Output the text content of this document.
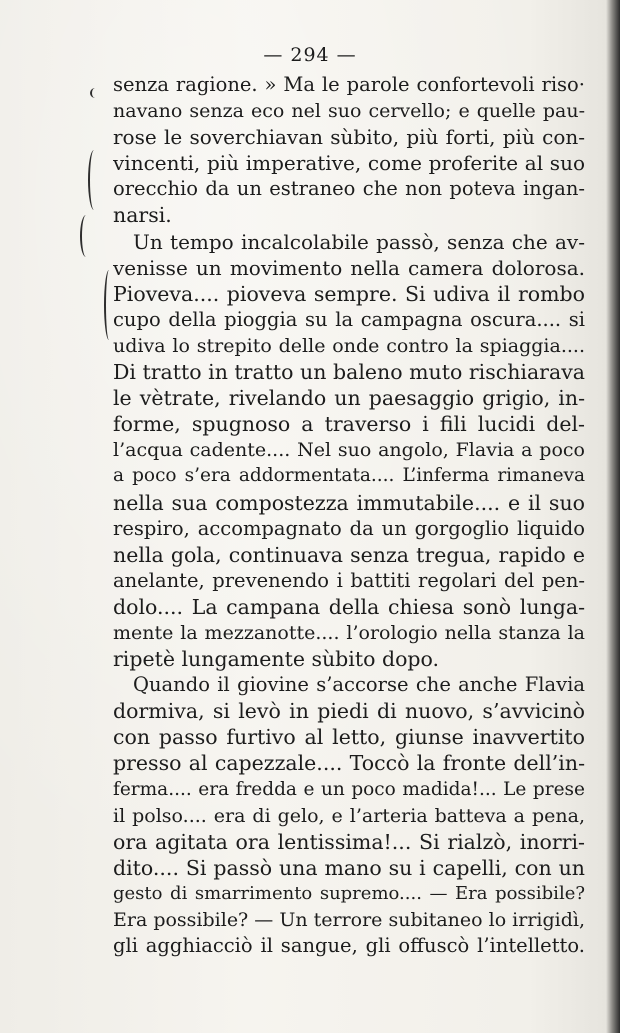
— 294 —
senza ragione. » Ma le parole confortevoli riso·
navano senza eco nel suo cervello; e quelle pau-
rose le soverchiavan sùbito, più forti, più con-
vincenti, più imperative, come proferite al suo
orecchio da un estraneo che non poteva ingan-
narsi.
Un tempo incalcolabile passò, senza che av-
venisse un movimento nella camera dolorosa.
Pioveva.... pioveva sempre. Si udiva il rombo
cupo della pioggia su la campagna oscura.... si
udiva lo strepito delle onde contro la spiaggia....
Di tratto in tratto un baleno muto rischiarava
le vètrate, rivelando un paesaggio grigio, in-
forme, spugnoso a traverso i fili lucidi del-
l’acqua cadente.... Nel suo angolo, Flavia a poco
a poco s’era addormentata.... L’inferma rimaneva
nella sua compostezza immutabile.... e il suo
respiro, accompagnato da un gorgoglio liquido
nella gola, continuava senza tregua, rapido e
anelante, prevenendo i battiti regolari del pen-
dolo.... La campana della chiesa sonò lunga-
mente la mezzanotte.... l’orologio nella stanza la
ripetè lungamente sùbito dopo.
Quando il giovine s’accorse che anche Flavia
dormiva, si levò in piedi di nuovo, s’avvicinò
con passo furtivo al letto, giunse inavvertito
presso al capezzale.... Toccò la fronte dell’in-
ferma.... era fredda e un poco madida!... Le prese
il polso.... era di gelo, e l’arteria batteva a pena,
ora agitata ora lentissima!... Si rialzò, inorri-
dito.... Si passò una mano su i capelli, con un
gesto di smarrimento supremo.... — Era possibile?
Era possibile? — Un terrore subitaneo lo irrigidì,
gli agghiacciò il sangue, gli offuscò l’intelletto.
